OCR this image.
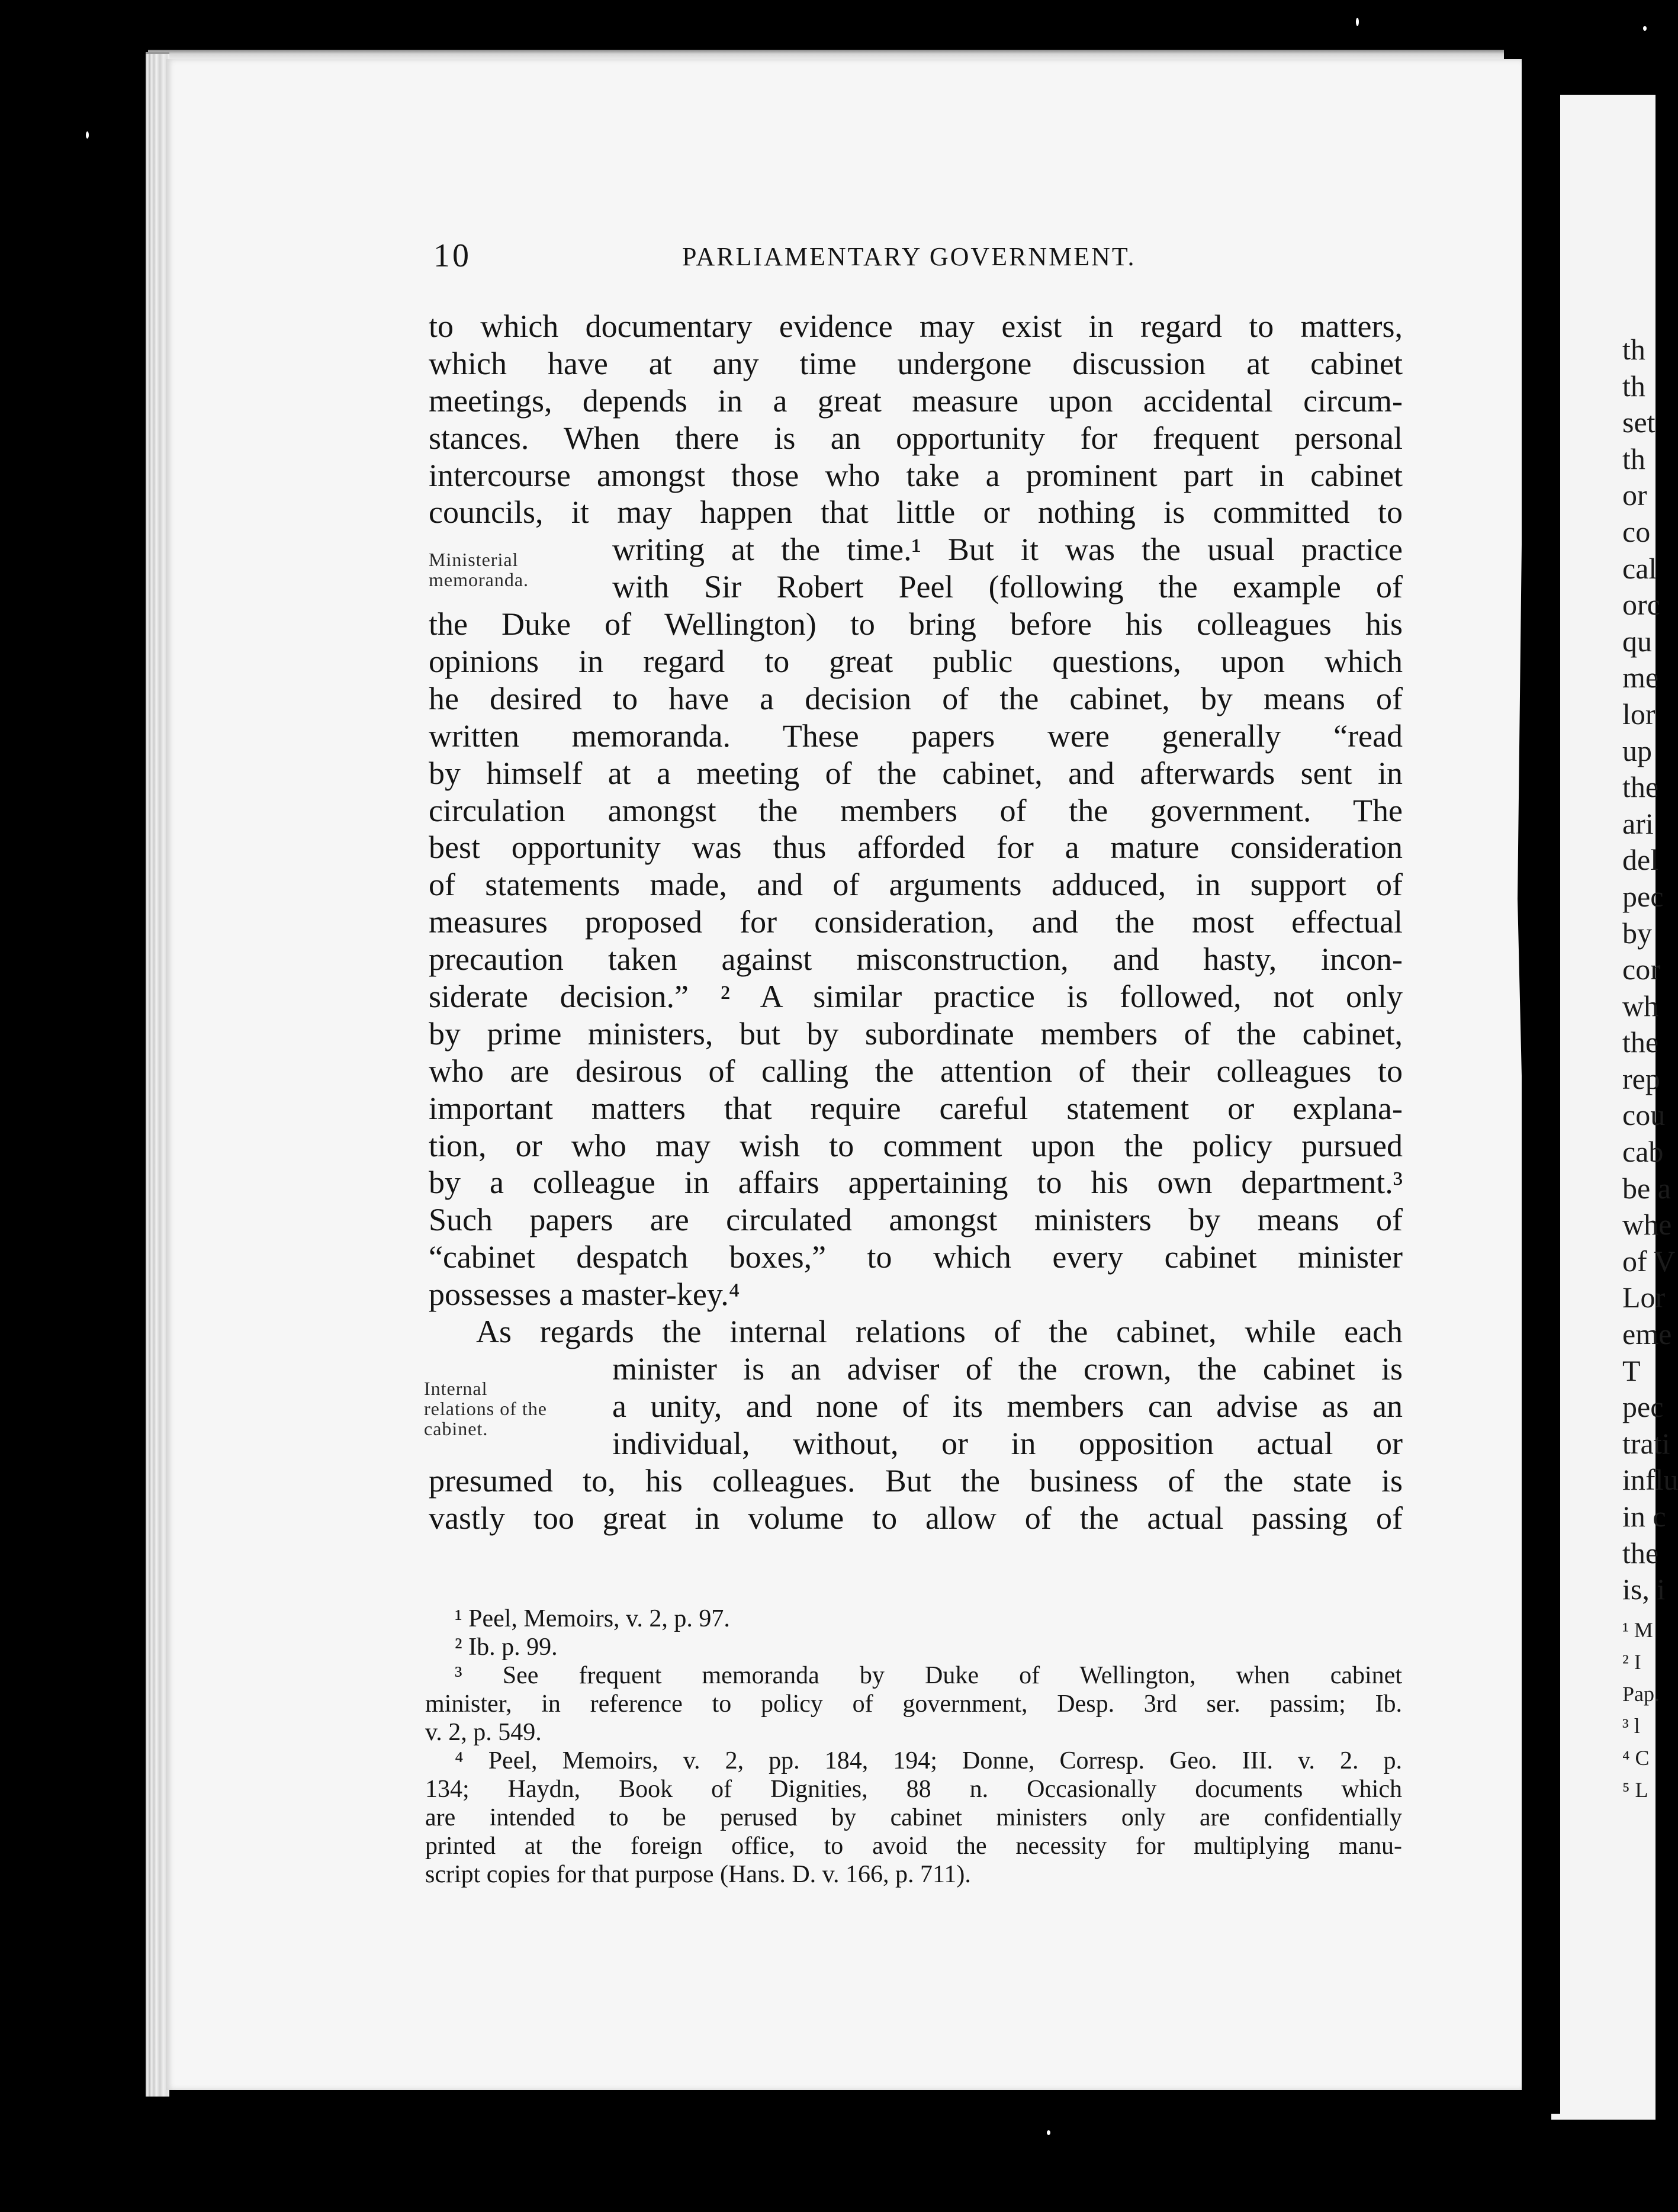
th
th
set
th
or
co
cal
orc
qu
me
lor
up
the
ari
del
pec
by
cor
wh
the
rep
cou
cab
be a
whe
of V
Lor
eme
T
pec
trati
influ
in c
the
is, i
¹ M
² I
Pap.
³ l
⁴ C
⁵ L
10	PARLIAMENTARY GOVERNMENT.
Ministerial
memoranda.
Internal
relations of the
cabinet.
to which documentary evidence may exist in regard to matters,
which have at any time undergone discussion at cabinet
meetings, depends in a great measure upon accidental circum-
stances. When there is an opportunity for frequent personal
intercourse amongst those who take a prominent part in cabinet
councils, it may happen that little or nothing is committed to
writing at the time.¹ But it was the usual practice
with Sir Robert Peel (following the example of
the Duke of Wellington) to bring before his colleagues his
opinions in regard to great public questions, upon which
he desired to have a decision of the cabinet, by means of
written memoranda. These papers were generally “read
by himself at a meeting of the cabinet, and afterwards sent in
circulation amongst the members of the government. The
best opportunity was thus afforded for a mature consideration
of statements made, and of arguments adduced, in support of
measures proposed for consideration, and the most effectual
precaution taken against misconstruction, and hasty, incon-
siderate decision.” ² A similar practice is followed, not only
by prime ministers, but by subordinate members of the cabinet,
who are desirous of calling the attention of their colleagues to
important matters that require careful statement or explana-
tion, or who may wish to comment upon the policy pursued
by a colleague in affairs appertaining to his own department.³
Such papers are circulated amongst ministers by means of
“cabinet despatch boxes,” to which every cabinet minister
possesses a master-key.⁴
As regards the internal relations of the cabinet, while each
minister is an adviser of the crown, the cabinet is
a unity, and none of its members can advise as an
individual, without, or in opposition actual or
presumed to, his colleagues. But the business of the state is
vastly too great in volume to allow of the actual passing of
¹ Peel, Memoirs, v. 2, p. 97.
² Ib. p. 99.
³ See frequent memoranda by Duke of Wellington, when cabinet
minister, in reference to policy of government, Desp. 3rd ser. passim; Ib.
v. 2, p. 549.
⁴ Peel, Memoirs, v. 2, pp. 184, 194; Donne, Corresp. Geo. III. v. 2. p.
134; Haydn, Book of Dignities, 88 n. Occasionally documents which
are intended to be perused by cabinet ministers only are confidentially
printed at the foreign office, to avoid the necessity for multiplying manu-
script copies for that purpose (Hans. D. v. 166, p. 711).
